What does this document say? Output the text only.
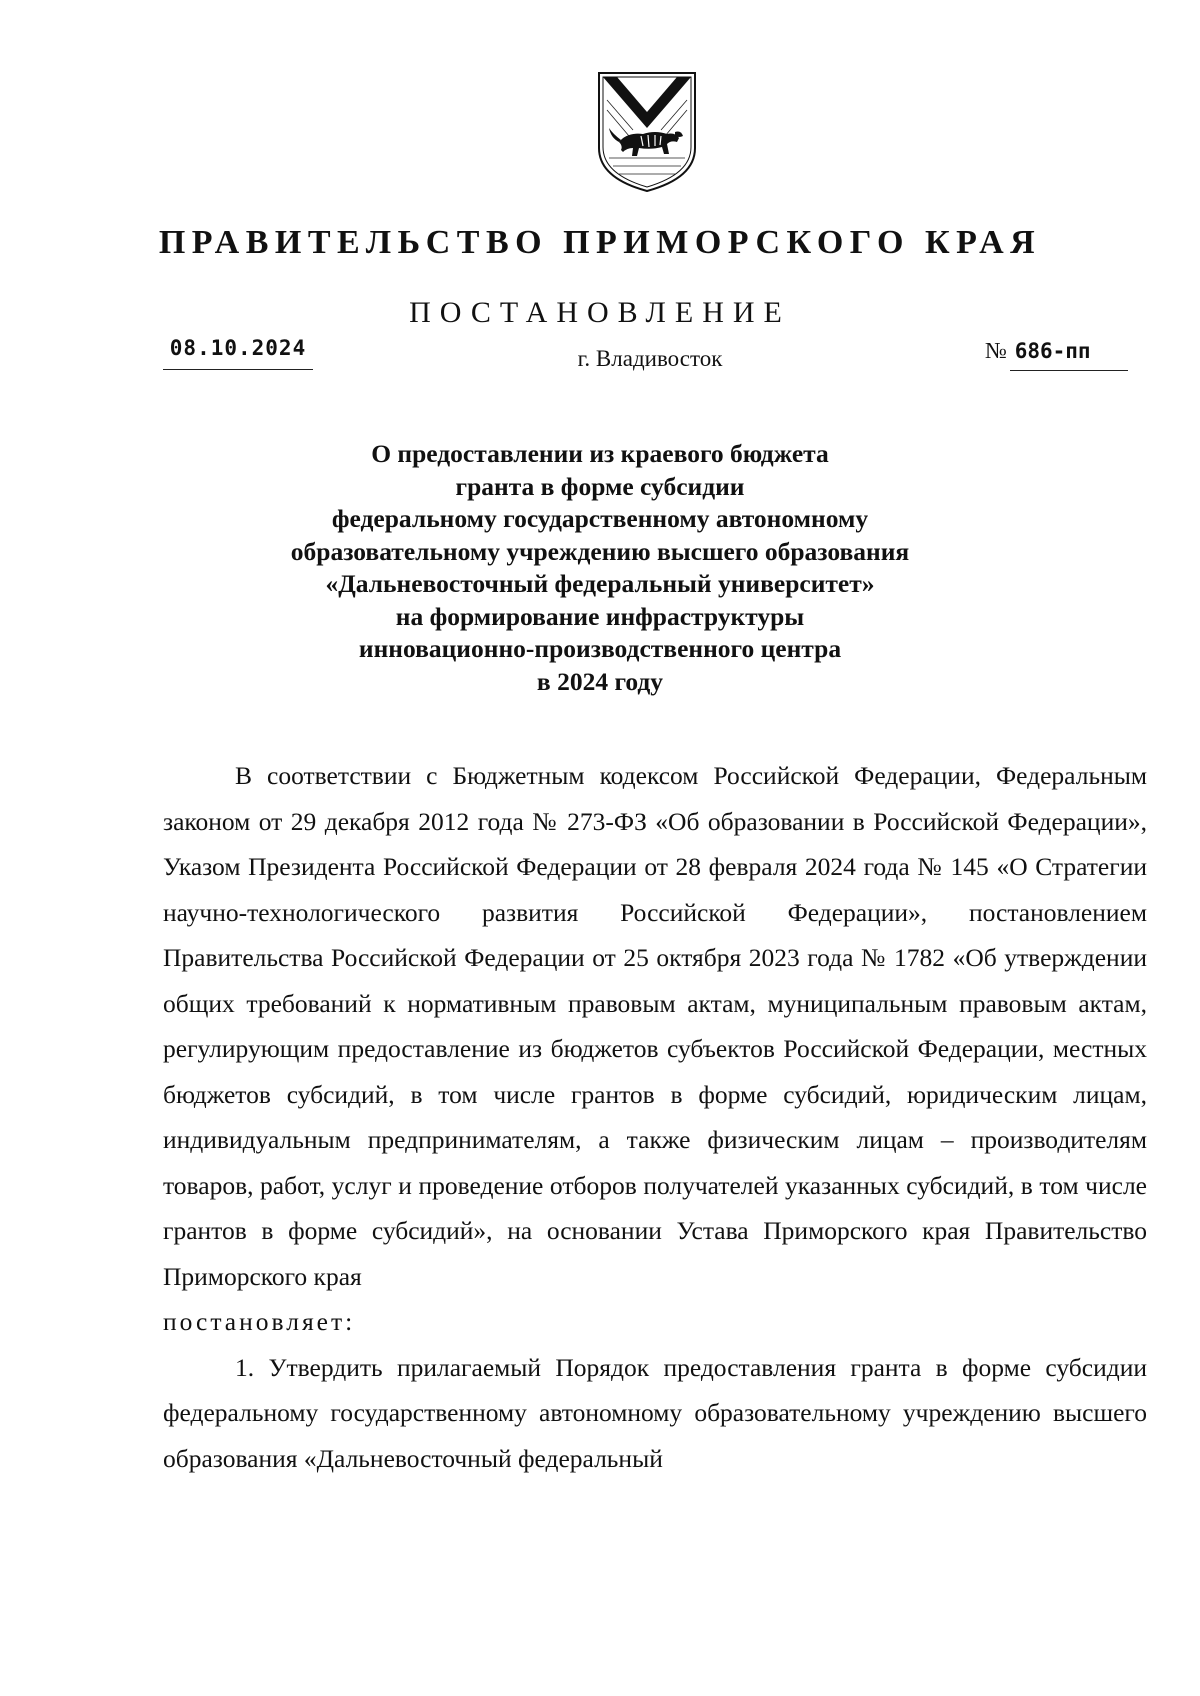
ПРАВИТЕЛЬСТВО ПРИМОРСКОГО КРАЯ
ПОСТАНОВЛЕНИЕ
08.10.2024	г. Владивосток	№ 686-пп
О предоставлении из краевого бюджета
гранта в форме субсидии
федеральному государственному автономному
образовательному учреждению высшего образования
«Дальневосточный федеральный университет»
на формирование инфраструктуры
инновационно-производственного центра
в 2024 году

В соответствии с Бюджетным кодексом Российской Федерации, Федеральным законом от 29 декабря 2012 года № 273-ФЗ «Об образовании в Российской Федерации», Указом Президента Российской Федерации от 28 февраля 2024 года № 145 «О Стратегии научно-технологического развития Российской Федерации», постановлением Правительства Российской Федерации от 25 октября 2023 года № 1782 «Об утверждении общих требований к нормативным правовым актам, муниципальным правовым актам, регулирующим предоставление из бюджетов субъектов Российской Федерации, местных бюджетов субсидий, в том числе грантов в форме субсидий, юридическим лицам, индивидуальным предпринимателям, а также физическим лицам – производителям товаров, работ, услуг и проведение отборов получателей указанных субсидий, в том числе грантов в форме субсидий», на основании Устава Приморского края Правительство Приморского края

постановляет:

1. Утвердить прилагаемый Порядок предоставления гранта в форме субсидии федеральному государственному автономному образовательному учреждению высшего образования «Дальневосточный федеральный
